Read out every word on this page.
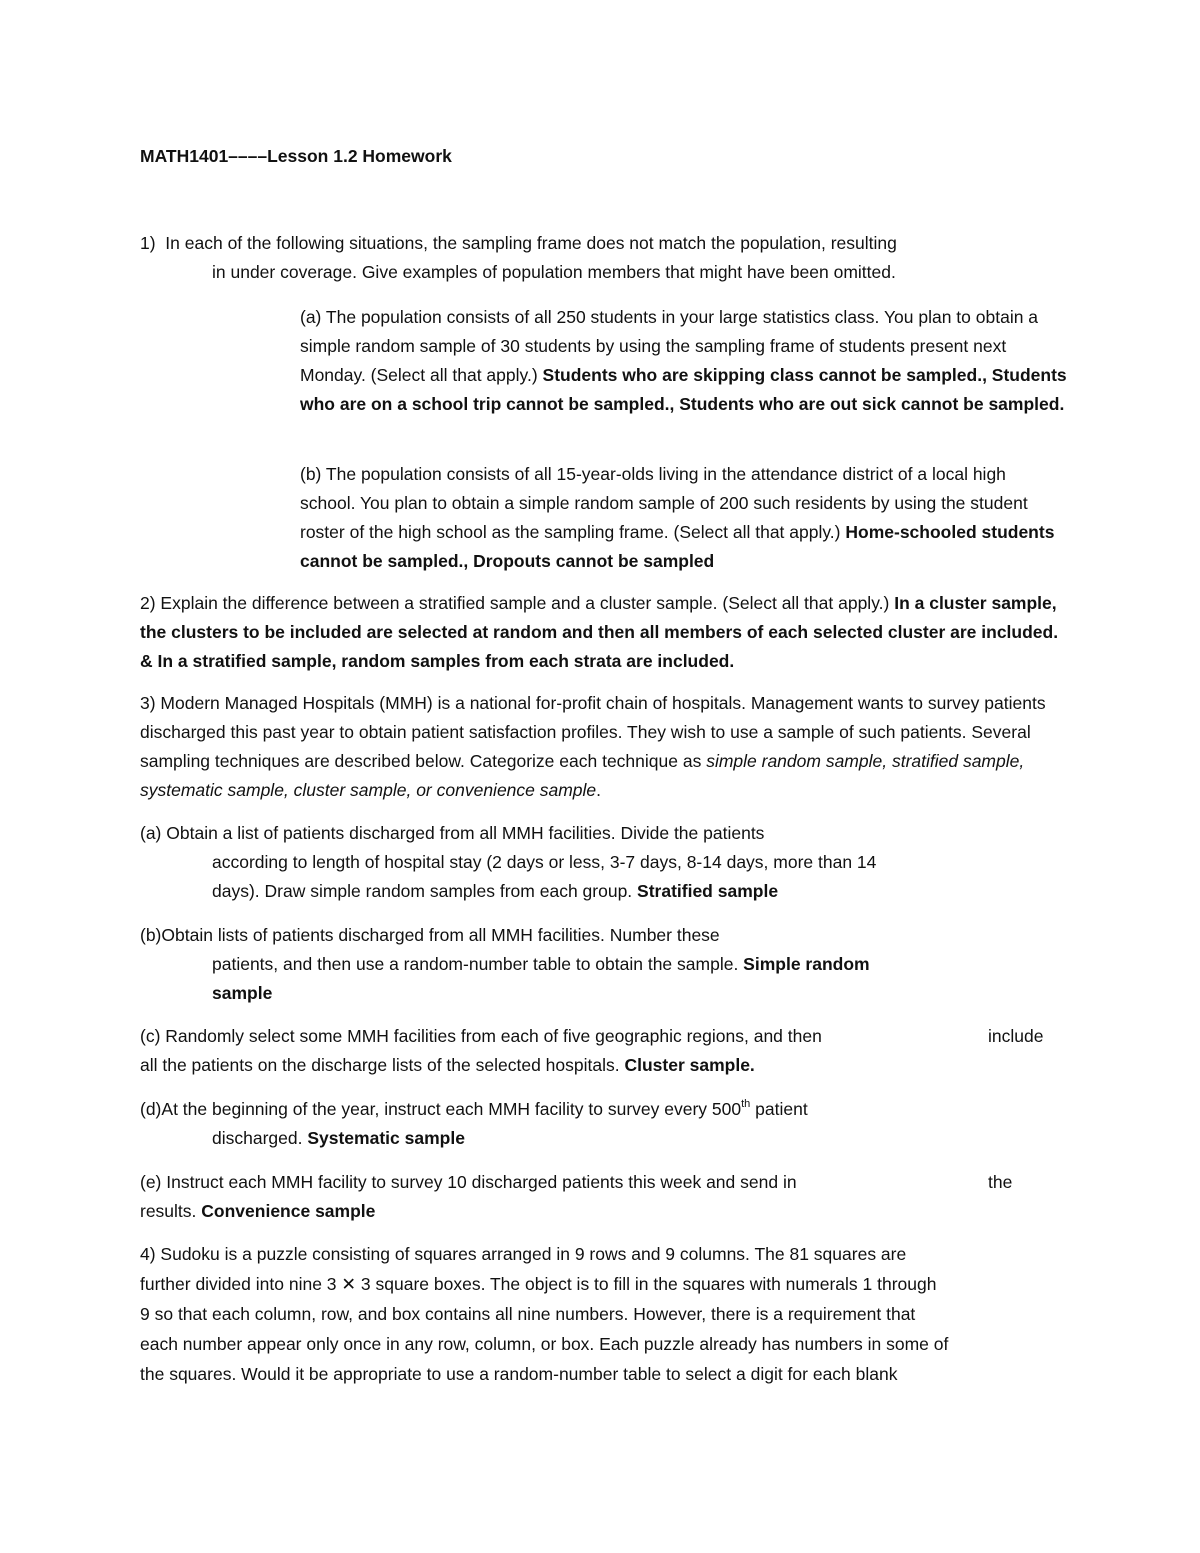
MATH1401––––Lesson 1.2 Homework

1) In each of the following situations, the sampling frame does not match the population, resulting

in under coverage. Give examples of population members that might have been omitted.

(a) The population consists of all 250 students in your large statistics class. You plan to obtain a simple random sample of 30 students by using the sampling frame of students present next Monday. (Select all that apply.) Students who are skipping class cannot be sampled., Students who are on a school trip cannot be sampled., Students who are out sick cannot be sampled.

(b) The population consists of all 15-year-olds living in the attendance district of a local high school. You plan to obtain a simple random sample of 200 such residents by using the student roster of the high school as the sampling frame. (Select all that apply.) Home-schooled students cannot be sampled., Dropouts cannot be sampled

2) Explain the difference between a stratified sample and a cluster sample. (Select all that apply.) In a cluster sample, the clusters to be included are selected at random and then all members of each selected cluster are included. & In a stratified sample, random samples from each strata are included.

3) Modern Managed Hospitals (MMH) is a national for-profit chain of hospitals. Management wants to survey patients discharged this past year to obtain patient satisfaction profiles. They wish to use a sample of such patients. Several sampling techniques are described below. Categorize each technique as simple random sample, stratified sample, systematic sample, cluster sample, or convenience sample.

(a) Obtain a list of patients discharged from all MMH facilities. Divide the patients

according to length of hospital stay (2 days or less, 3-7 days, 8-14 days, more than 14

days). Draw simple random samples from each group. Stratified sample

(b)Obtain lists of patients discharged from all MMH facilities. Number these

patients, and then use a random-number table to obtain the sample. Simple random

sample

(c) Randomly select some MMH facilities from each of five geographic regions, and then	include

all the patients on the discharge lists of the selected hospitals. Cluster sample.

(d)At the beginning of the year, instruct each MMH facility to survey every 500th patient

discharged. Systematic sample

(e) Instruct each MMH facility to survey 10 discharged patients this week and send in	the

results. Convenience sample

4) Sudoku is a puzzle consisting of squares arranged in 9 rows and 9 columns. The 81 squares are

further divided into nine 3 ✕ 3 square boxes. The object is to fill in the squares with numerals 1 through

9 so that each column, row, and box contains all nine numbers. However, there is a requirement that

each number appear only once in any row, column, or box. Each puzzle already has numbers in some of

the squares. Would it be appropriate to use a random-number table to select a digit for each blank
